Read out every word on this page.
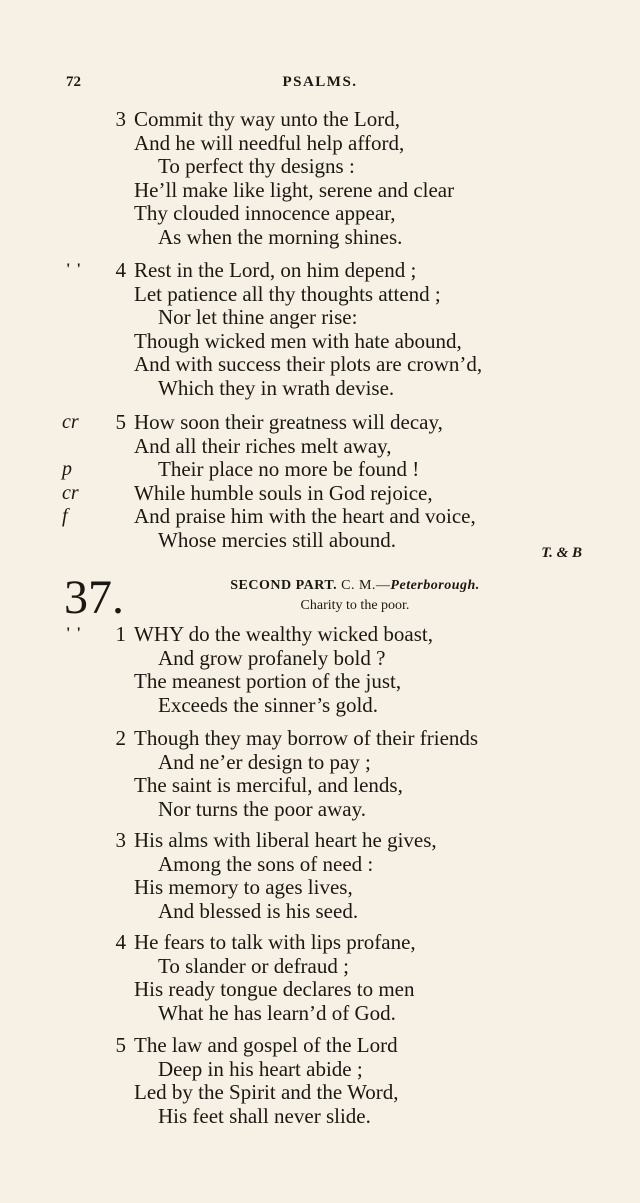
72	PSALMS.
3 Commit thy way unto the Lord,
And he will needful help afford,
To perfect thy designs :
He’ll make like light, serene and clear
Thy clouded innocence appear,
As when the morning shines.
' '	4 Rest in the Lord, on him depend ;
Let patience all thy thoughts attend ;
Nor let thine anger rise:
Though wicked men with hate abound,
And with success their plots are crown’d,
Which they in wrath devise.
cr	5 How soon their greatness will decay,
And all their riches melt away,
p	Their place no more be found !
cr	While humble souls in God rejoice,
f	And praise him with the heart and voice,
Whose mercies still abound.
T. & B
37.	SECOND PART. C. M.—Peterborough.
Charity to the poor.
' '	1 WHY do the wealthy wicked boast,
And grow profanely bold ?
The meanest portion of the just,
Exceeds the sinner’s gold.
2 Though they may borrow of their friends
And ne’er design to pay ;
The saint is merciful, and lends,
Nor turns the poor away.
3 His alms with liberal heart he gives,
Among the sons of need :
His memory to ages lives,
And blessed is his seed.
4 He fears to talk with lips profane,
To slander or defraud ;
His ready tongue declares to men
What he has learn’d of God.
5 The law and gospel of the Lord
Deep in his heart abide ;
Led by the Spirit and the Word,
His feet shall never slide.
